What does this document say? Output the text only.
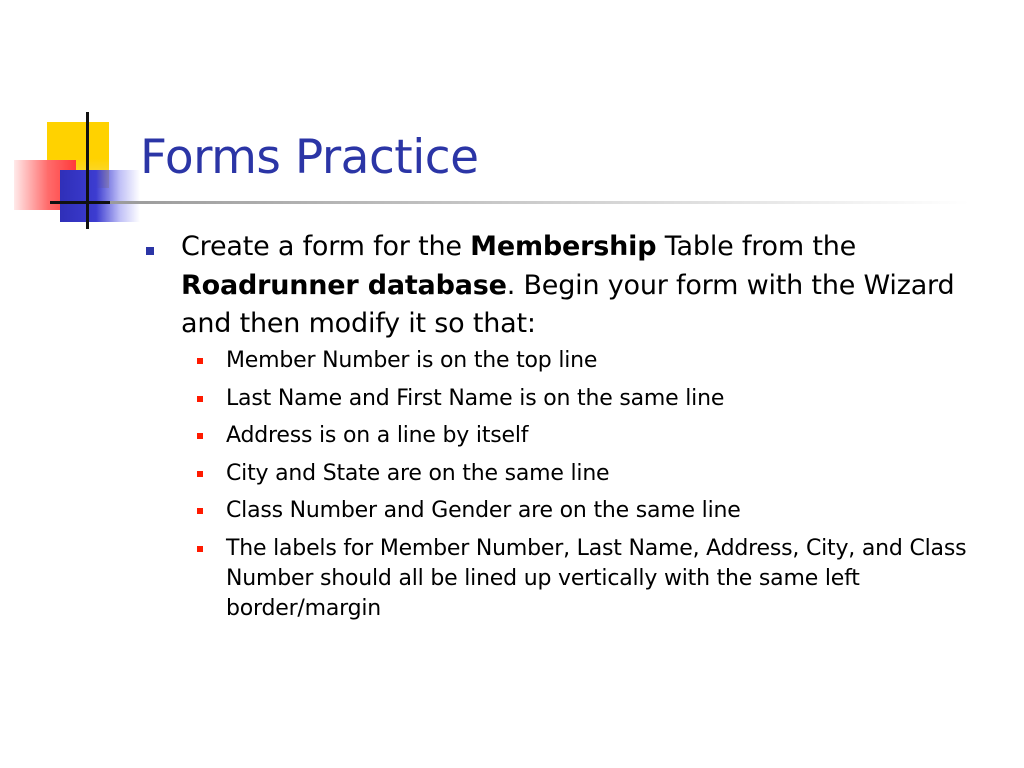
Forms Practice
Create a form for the Membership Table from the Roadrunner database. Begin your form with the Wizard and then modify it so that:
Member Number is on the top line
Last Name and First Name is on the same line
Address is on a line by itself
City and State are on the same line
Class Number and Gender are on the same line
The labels for Member Number, Last Name, Address, City, and Class Number should all be lined up vertically with the same left border/margin
